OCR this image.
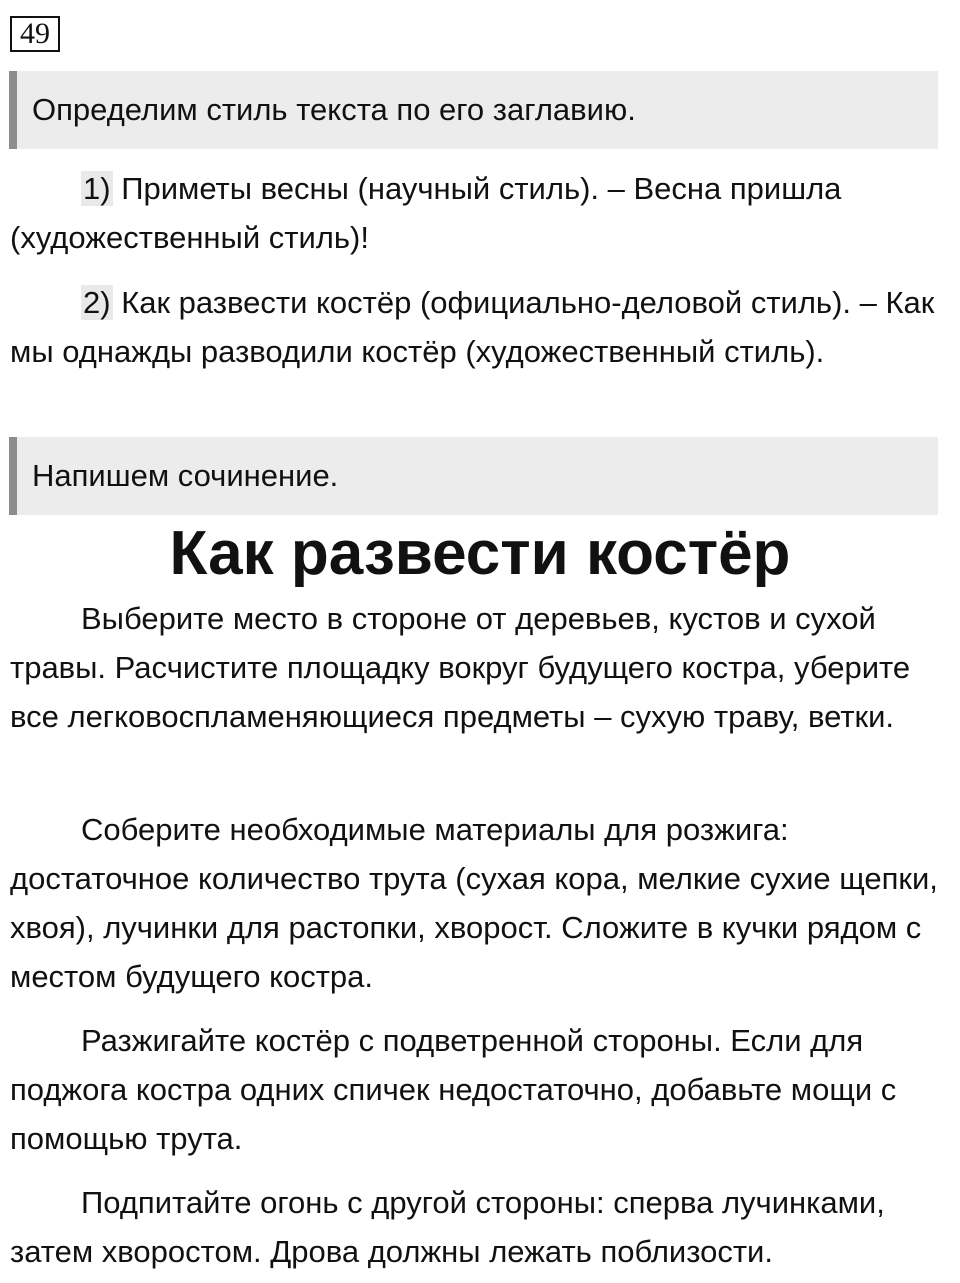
49
Определим стиль текста по его заглавию.

1) Приметы весны (научный стиль). – Весна пришла (художественный стиль)!

2) Как развести костёр (официально-деловой стиль). – Как мы однажды разводили костёр (художественный стиль).

Напишем сочинение.
Как развести костёр

Выберите место в стороне от деревьев, кустов и сухой травы. Расчистите площадку вокруг будущего костра, уберите все легковоспламеняющиеся предметы – сухую траву, ветки.

Соберите необходимые материалы для розжига: достаточное количество трута (сухая кора, мелкие сухие щепки, хвоя), лучинки для растопки, хворост. Сложите в кучки рядом с местом будущего костра.

Разжигайте костёр с подветренной стороны. Если для поджога костра одних спичек недостаточно, добавьте мощи с помощью трута.

Подпитайте огонь с другой стороны: сперва лучинками, затем хворостом. Дрова должны лежать поблизости.
